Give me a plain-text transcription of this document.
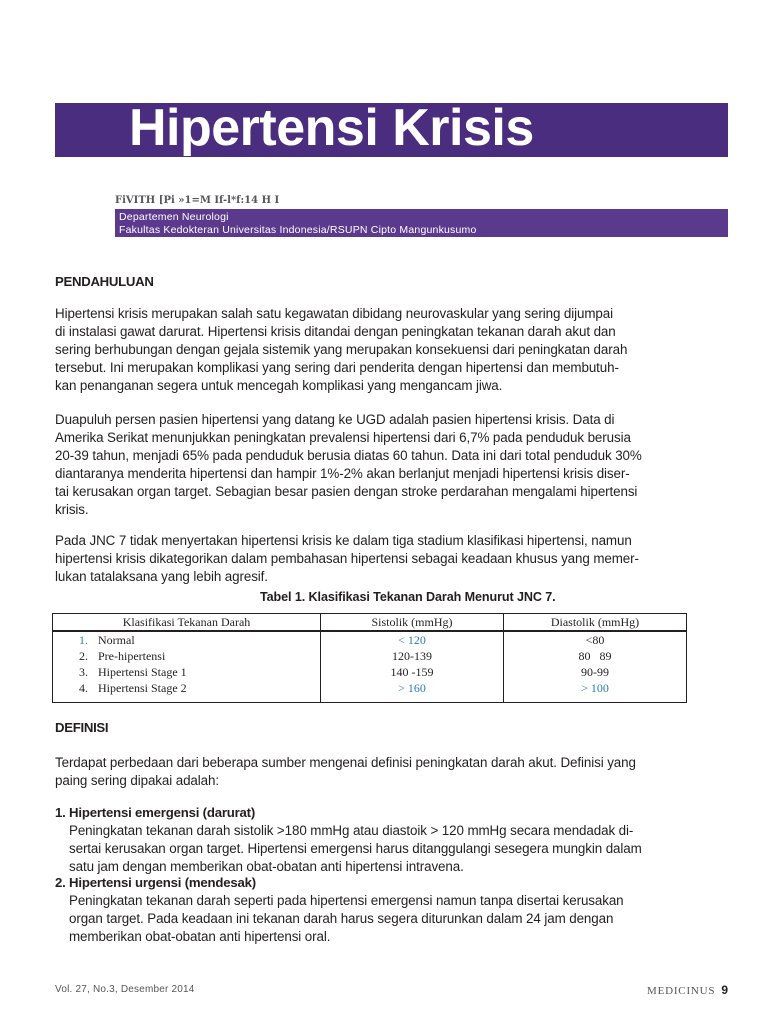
Hipertensi Krisis
FiVITH [Pi »1=M If-l*f:14 H I
Departemen Neurologi
Fakultas Kedokteran Universitas Indonesia/RSUPN Cipto Mangunkusumo
PENDAHULUAN
Hipertensi krisis merupakan salah satu kegawatan dibidang neurovaskular yang sering dijumpai
di instalasi gawat darurat. Hipertensi krisis ditandai dengan peningkatan tekanan darah akut dan
sering berhubungan dengan gejala sistemik yang merupakan konsekuensi dari peningkatan darah
tersebut. Ini merupakan komplikasi yang sering dari penderita dengan hipertensi dan membutuh-
kan penanganan segera untuk mencegah komplikasi yang mengancam jiwa.
Duapuluh persen pasien hipertensi yang datang ke UGD adalah pasien hipertensi krisis. Data di
Amerika Serikat menunjukkan peningkatan prevalensi hipertensi dari 6,7% pada penduduk berusia
20-39 tahun, menjadi 65% pada penduduk berusia diatas 60 tahun. Data ini dari total penduduk 30%
diantaranya menderita hipertensi dan hampir 1%-2% akan berlanjut menjadi hipertensi krisis diser-
tai kerusakan organ target. Sebagian besar pasien dengan stroke perdarahan mengalami hipertensi
krisis.
Pada JNC 7 tidak menyertakan hipertensi krisis ke dalam tiga stadium klasifikasi hipertensi, namun
hipertensi krisis dikategorikan dalam pembahasan hipertensi sebagai keadaan khusus yang memer-
lukan tatalaksana yang lebih agresif.
Tabel 1. Klasifikasi Tekanan Darah Menurut JNC 7.
Klasifikasi Tekanan Darah	Sistolik (mmHg)	Diastolik (mmHg)
1. Normal	< 120	<80
2. Pre-hipertensi	120-139	80   89
3. Hipertensi Stage 1	140 -159	90-99
4. Hipertensi Stage 2	> 160	> 100
DEFINISI
Terdapat perbedaan dari beberapa sumber mengenai definisi peningkatan darah akut. Definisi yang
paing sering dipakai adalah:
1. Hipertensi emergensi (darurat)
Peningkatan tekanan darah sistolik >180 mmHg atau diastoik > 120 mmHg secara mendadak di-
sertai kerusakan organ target. Hipertensi emergensi harus ditanggulangi sesegera mungkin dalam
satu jam dengan memberikan obat-obatan anti hipertensi intravena.
2. Hipertensi urgensi (mendesak)
Peningkatan tekanan darah seperti pada hipertensi emergensi namun tanpa disertai kerusakan
organ target. Pada keadaan ini tekanan darah harus segera diturunkan dalam 24 jam dengan
memberikan obat-obatan anti hipertensi oral.
Vol. 27, No.3, Desember 2014	MEDICINUS 9
